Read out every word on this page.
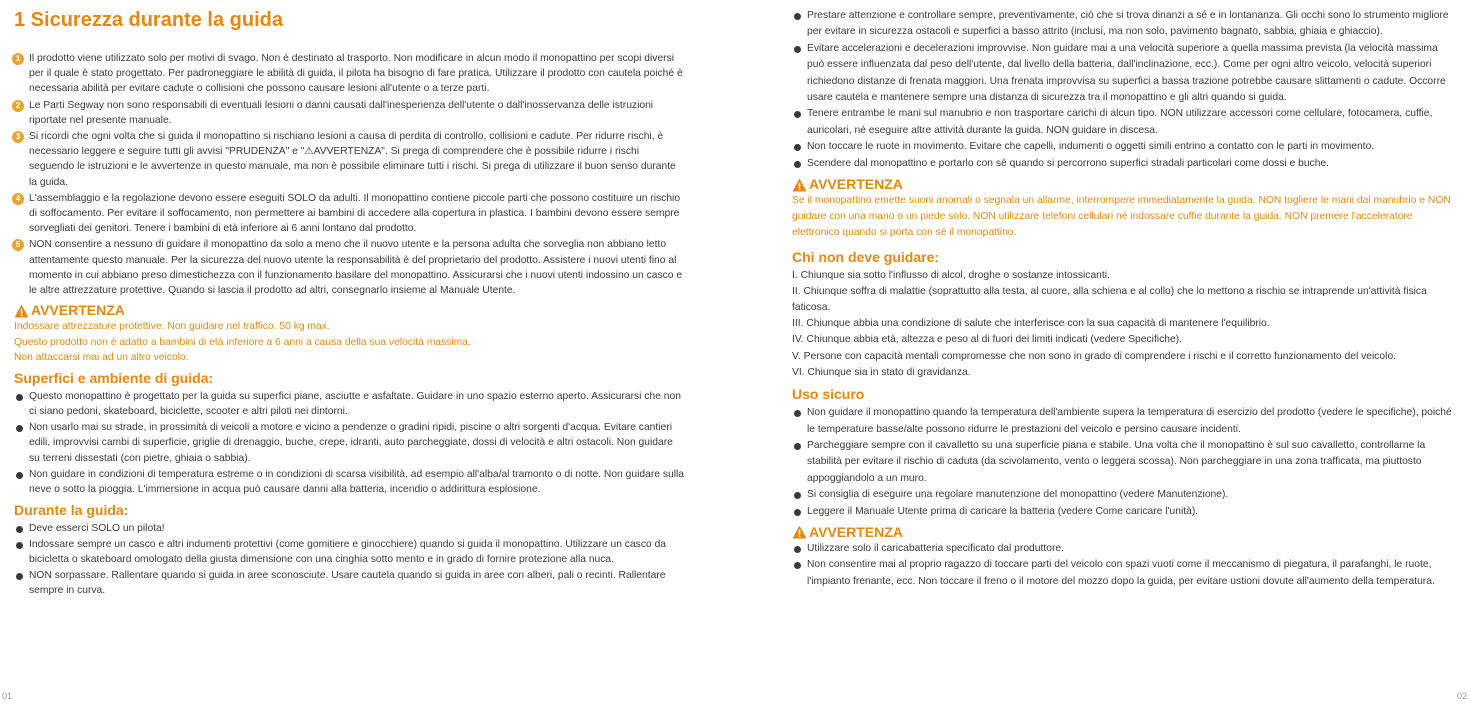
1 Sicurezza durante la guida
1 Il prodotto viene utilizzato solo per motivi di svago. Non è destinato al trasporto. Non modificare in alcun modo il monopattino per scopi diversi per il quale è stato progettato. Per padroneggiare le abilità di guida, il pilota ha bisogno di fare pratica. Utilizzare il prodotto con cautela poiché è necessaria abilità per evitare cadute o collisioni che possono causare lesioni all'utente o a terze parti.
2 Le Parti Segway non sono responsabili di eventuali lesioni o danni causati dall'inesperienza dell'utente o dall'inosservanza delle istruzioni riportate nel presente manuale.
3 Si ricordi che ogni volta che si guida il monopattino si rischiano lesioni a causa di perdita di controllo, collisioni e cadute. Per ridurre rischi, è necessario leggere e seguire tutti gli avvisi "PRUDENZA" e "⚠AVVERTENZA". Si prega di comprendere che è possibile ridurre i rischi seguendo le istruzioni e le avvertenze in questo manuale, ma non è possibile eliminare tutti i rischi. Si prega di utilizzare il buon senso durante la guida.
4 L'assemblaggio e la regolazione devono essere eseguiti SOLO da adulti. Il monopattino contiene piccole parti che possono costituire un rischio di soffocamento. Per evitare il soffocamento, non permettere ai bambini di accedere alla copertura in plastica. I bambini devono essere sempre sorvegliati dei genitori. Tenere i bambini di età inferiore ai 6 anni lontano dal prodotto.
5 NON consentire a nessuno di guidare il monopattino da solo a meno che il nuovo utente e la persona adulta che sorveglia non abbiano letto attentamente questo manuale. Per la sicurezza del nuovo utente la responsabilità è del proprietario del prodotto. Assistere i nuovi utenti fino al momento in cui abbiano preso dimestichezza con il funzionamento basilare del monopattino. Assicurarsi che i nuovi utenti indossino un casco e le altre attrezzature protettive. Quando si lascia il prodotto ad altri, consegnarlo insieme al Manuale Utente.
AVVERTENZA
Indossare attrezzature protettive. Non guidare nel traffico. 50 kg max.
Questo prodotto non è adatto a bambini di età inferiore a 6 anni a causa della sua velocità massima.
Non attaccarsi mai ad un altro veicolo.
Superfici e ambiente di guida:
Questo monopattino è progettato per la guida su superfici piane, asciutte e asfaltate. Guidare in uno spazio esterno aperto. Assicurarsi che non ci siano pedoni, skateboard, biciclette, scooter e altri piloti nei dintorni.
Non usarlo mai su strade, in prossimità di veicoli a motore e vicino a pendenze o gradini ripidi, piscine o altri sorgenti d'acqua. Evitare cantieri edili, improvvisi cambi di superficie, griglie di drenaggio, buche, crepe, idranti, auto parcheggiate, dossi di velocità e altri ostacoli. Non guidare su terreni dissestati (con pietre, ghiaia o sabbia).
Non guidare in condizioni di temperatura estreme o in condizioni di scarsa visibilità, ad esempio all'alba/al tramonto o di notte. Non guidare sulla neve o sotto la pioggia. L'immersione in acqua può causare danni alla batteria, incendio o addirittura esplosione.
Durante la guida:
Deve esserci SOLO un pilota!
Indossare sempre un casco e altri indumenti protettivi (come gomitiere e ginocchiere) quando si guida il monopattino. Utilizzare un casco da bicicletta o skateboard omologato della giusta dimensione con una cinghia sotto mento e in grado di fornire protezione alla nuca.
NON sorpassare. Rallentare quando si guida in aree sconosciute. Usare cautela quando si guida in aree con alberi, pali o recinti. Rallentare sempre in curva.
01
Prestare attenzione e controllare sempre, preventivamente, ciò che si trova dinanzi a sé e in lontananza. Gli occhi sono lo strumento migliore per evitare in sicurezza ostacoli e superfici a basso attrito (inclusi, ma non solo, pavimento bagnato, sabbia, ghiaia e ghiaccio).
Evitare accelerazioni e decelerazioni improvvise. Non guidare mai a una velocità superiore a quella massima prevista (la velocità massima può essere influenzata dal peso dell'utente, dal livello della batteria, dall'inclinazione, ecc.). Come per ogni altro veicolo, velocità superiori richiedono distanze di frenata maggiori. Una frenata improvvisa su superfici a bassa trazione potrebbe causare slittamenti o cadute. Occorre usare cautela e mantenere sempre una distanza di sicurezza tra il monopattino e gli altri quando si guida.
Tenere entrambe le mani sul manubrio e non trasportare carichi di alcun tipo. NON utilizzare accessori come cellulare, fotocamera, cuffie, auricolari, né eseguire altre attività durante la guida. NON guidare in discesa.
Non toccare le ruote in movimento. Evitare che capelli, indumenti o oggetti simili entrino a contatto con le parti in movimento.
Scendere dal monopattino e portarlo con sé quando si percorrono superfici stradali particolari come dossi e buche.
AVVERTENZA
Se il monopattino emette suoni anomali o segnala un allarme, interrompere immediatamente la guida. NON togliere le mani dal manubrio e NON guidare con una mano o un piede solo. NON utilizzare telefoni cellulari né indossare cuffie durante la guida. NON premere l'acceleratore elettronico quando si porta con sé il monopattino.
Chi non deve guidare:
I. Chiunque sia sotto l'influsso di alcol, droghe o sostanze intossicanti.
II. Chiunque soffra di malattie (soprattutto alla testa, al cuore, alla schiena e al collo) che lo mettono a rischio se intraprende un'attività fisica faticosa.
III. Chiunque abbia una condizione di salute che interferisce con la sua capacità di mantenere l'equilibrio.
IV. Chiunque abbia età, altezza e peso al di fuori dei limiti indicati (vedere Specifiche).
V. Persone con capacità mentali compromesse che non sono in grado di comprendere i rischi e il corretto funzionamento del veicolo.
VI. Chiunque sia in stato di gravidanza.
Uso sicuro
Non guidare il monopattino quando la temperatura dell'ambiente supera la temperatura di esercizio del prodotto (vedere le specifiche), poiché le temperature basse/alte possono ridurre le prestazioni del veicolo e persino causare incidenti.
Parcheggiare sempre con il cavalletto su una superficie piana e stabile. Una volta che il monopattino è sul suo cavalletto, controllarne la stabilità per evitare il rischio di caduta (da scivolamento, vento o leggera scossa). Non parcheggiare in una zona trafficata, ma piuttosto appoggiandolo a un muro.
Si consiglia di eseguire una regolare manutenzione del monopattino (vedere Manutenzione).
Leggere il Manuale Utente prima di caricare la batteria (vedere Come caricare l'unità).
AVVERTENZA
Utilizzare solo il caricabatteria specificato dal produttore.
Non consentire mai al proprio ragazzo di toccare parti del veicolo con spazi vuoti come il meccanismo di piegatura, il parafanghi, le ruote, l'impianto frenante, ecc. Non toccare il freno o il motore del mozzo dopo la guida, per evitare ustioni dovute all'aumento della temperatura.
02
